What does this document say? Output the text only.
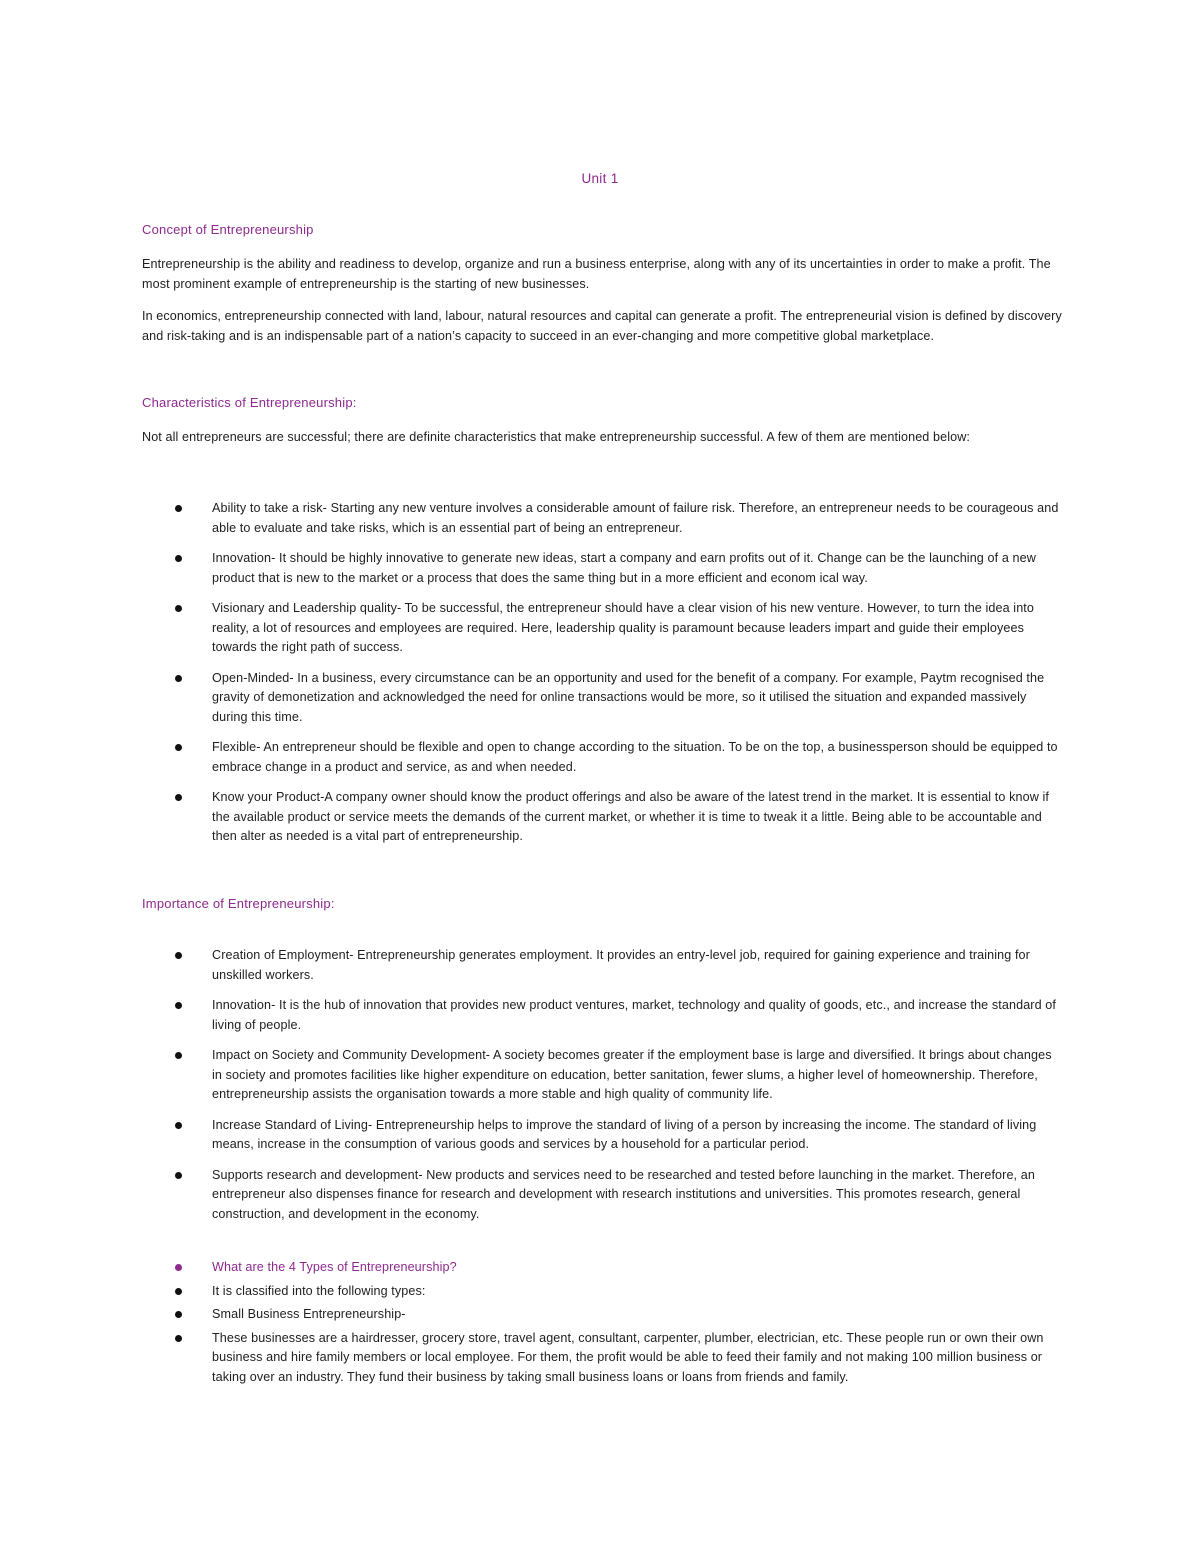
Unit 1
Concept of Entrepreneurship
Entrepreneurship is the ability and readiness to develop, organize and run a business enterprise, along with any of its uncertainties in order to make a profit. The most prominent example of entrepreneurship is the starting of new businesses.
In economics, entrepreneurship connected with land, labour, natural resources and capital can generate a profit. The entrepreneurial vision is defined by discovery and risk-taking and is an indispensable part of a nation’s capacity to succeed in an ever-changing and more competitive global marketplace.
Characteristics of Entrepreneurship:
Not all entrepreneurs are successful; there are definite characteristics that make entrepreneurship successful. A few of them are mentioned below:
Ability to take a risk- Starting any new venture involves a considerable amount of failure risk. Therefore, an entrepreneur needs to be courageous and able to evaluate and take risks, which is an essential part of being an entrepreneur.
Innovation- It should be highly innovative to generate new ideas, start a company and earn profits out of it. Change can be the launching of a new product that is new to the market or a process that does the same thing but in a more efficient and econom ical way.
Visionary and Leadership quality- To be successful, the entrepreneur should have a clear vision of his new venture. However, to turn the idea into reality, a lot of resources and employees are required. Here, leadership quality is paramount because leaders impart and guide their employees towards the right path of success.
Open-Minded- In a business, every circumstance can be an opportunity and used for the benefit of a company. For example, Paytm recognised the gravity of demonetization and acknowledged the need for online transactions would be more, so it utilised the situation and expanded massively during this time.
Flexible- An entrepreneur should be flexible and open to change according to the situation. To be on the top, a businessperson should be equipped to embrace change in a product and service, as and when needed.
Know your Product-A company owner should know the product offerings and also be aware of the latest trend in the market. It is essential to know if the available product or service meets the demands of the current market, or whether it is time to tweak it a little. Being able to be accountable and then alter as needed is a vital part of entrepreneurship.
Importance of Entrepreneurship:
Creation of Employment- Entrepreneurship generates employment. It provides an entry-level job, required for gaining experience and training for unskilled workers.
Innovation- It is the hub of innovation that provides new product ventures, market, technology and quality of goods, etc., and increase the standard of living of people.
Impact on Society and Community Development- A society becomes greater if the employment base is large and diversified. It brings about changes in society and promotes facilities like higher expenditure on education, better sanitation, fewer slums, a higher level of homeownership. Therefore, entrepreneurship assists the organisation towards a more stable and high quality of community life.
Increase Standard of Living- Entrepreneurship helps to improve the standard of living of a person by increasing the income. The standard of living means, increase in the consumption of various goods and services by a household for a particular period.
Supports research and development- New products and services need to be researched and tested before launching in the market. Therefore, an entrepreneur also dispenses finance for research and development with research institutions and universities. This promotes research, general construction, and development in the economy.
What are the 4 Types of Entrepreneurship?
It is classified into the following types:
Small Business Entrepreneurship-
These businesses are a hairdresser, grocery store, travel agent, consultant, carpenter, plumber, electrician, etc. These people run or own their own business and hire family members or local employee. For them, the profit would be able to feed their family and not making 100 million business or taking over an industry. They fund their business by taking small business loans or loans from friends and family.
